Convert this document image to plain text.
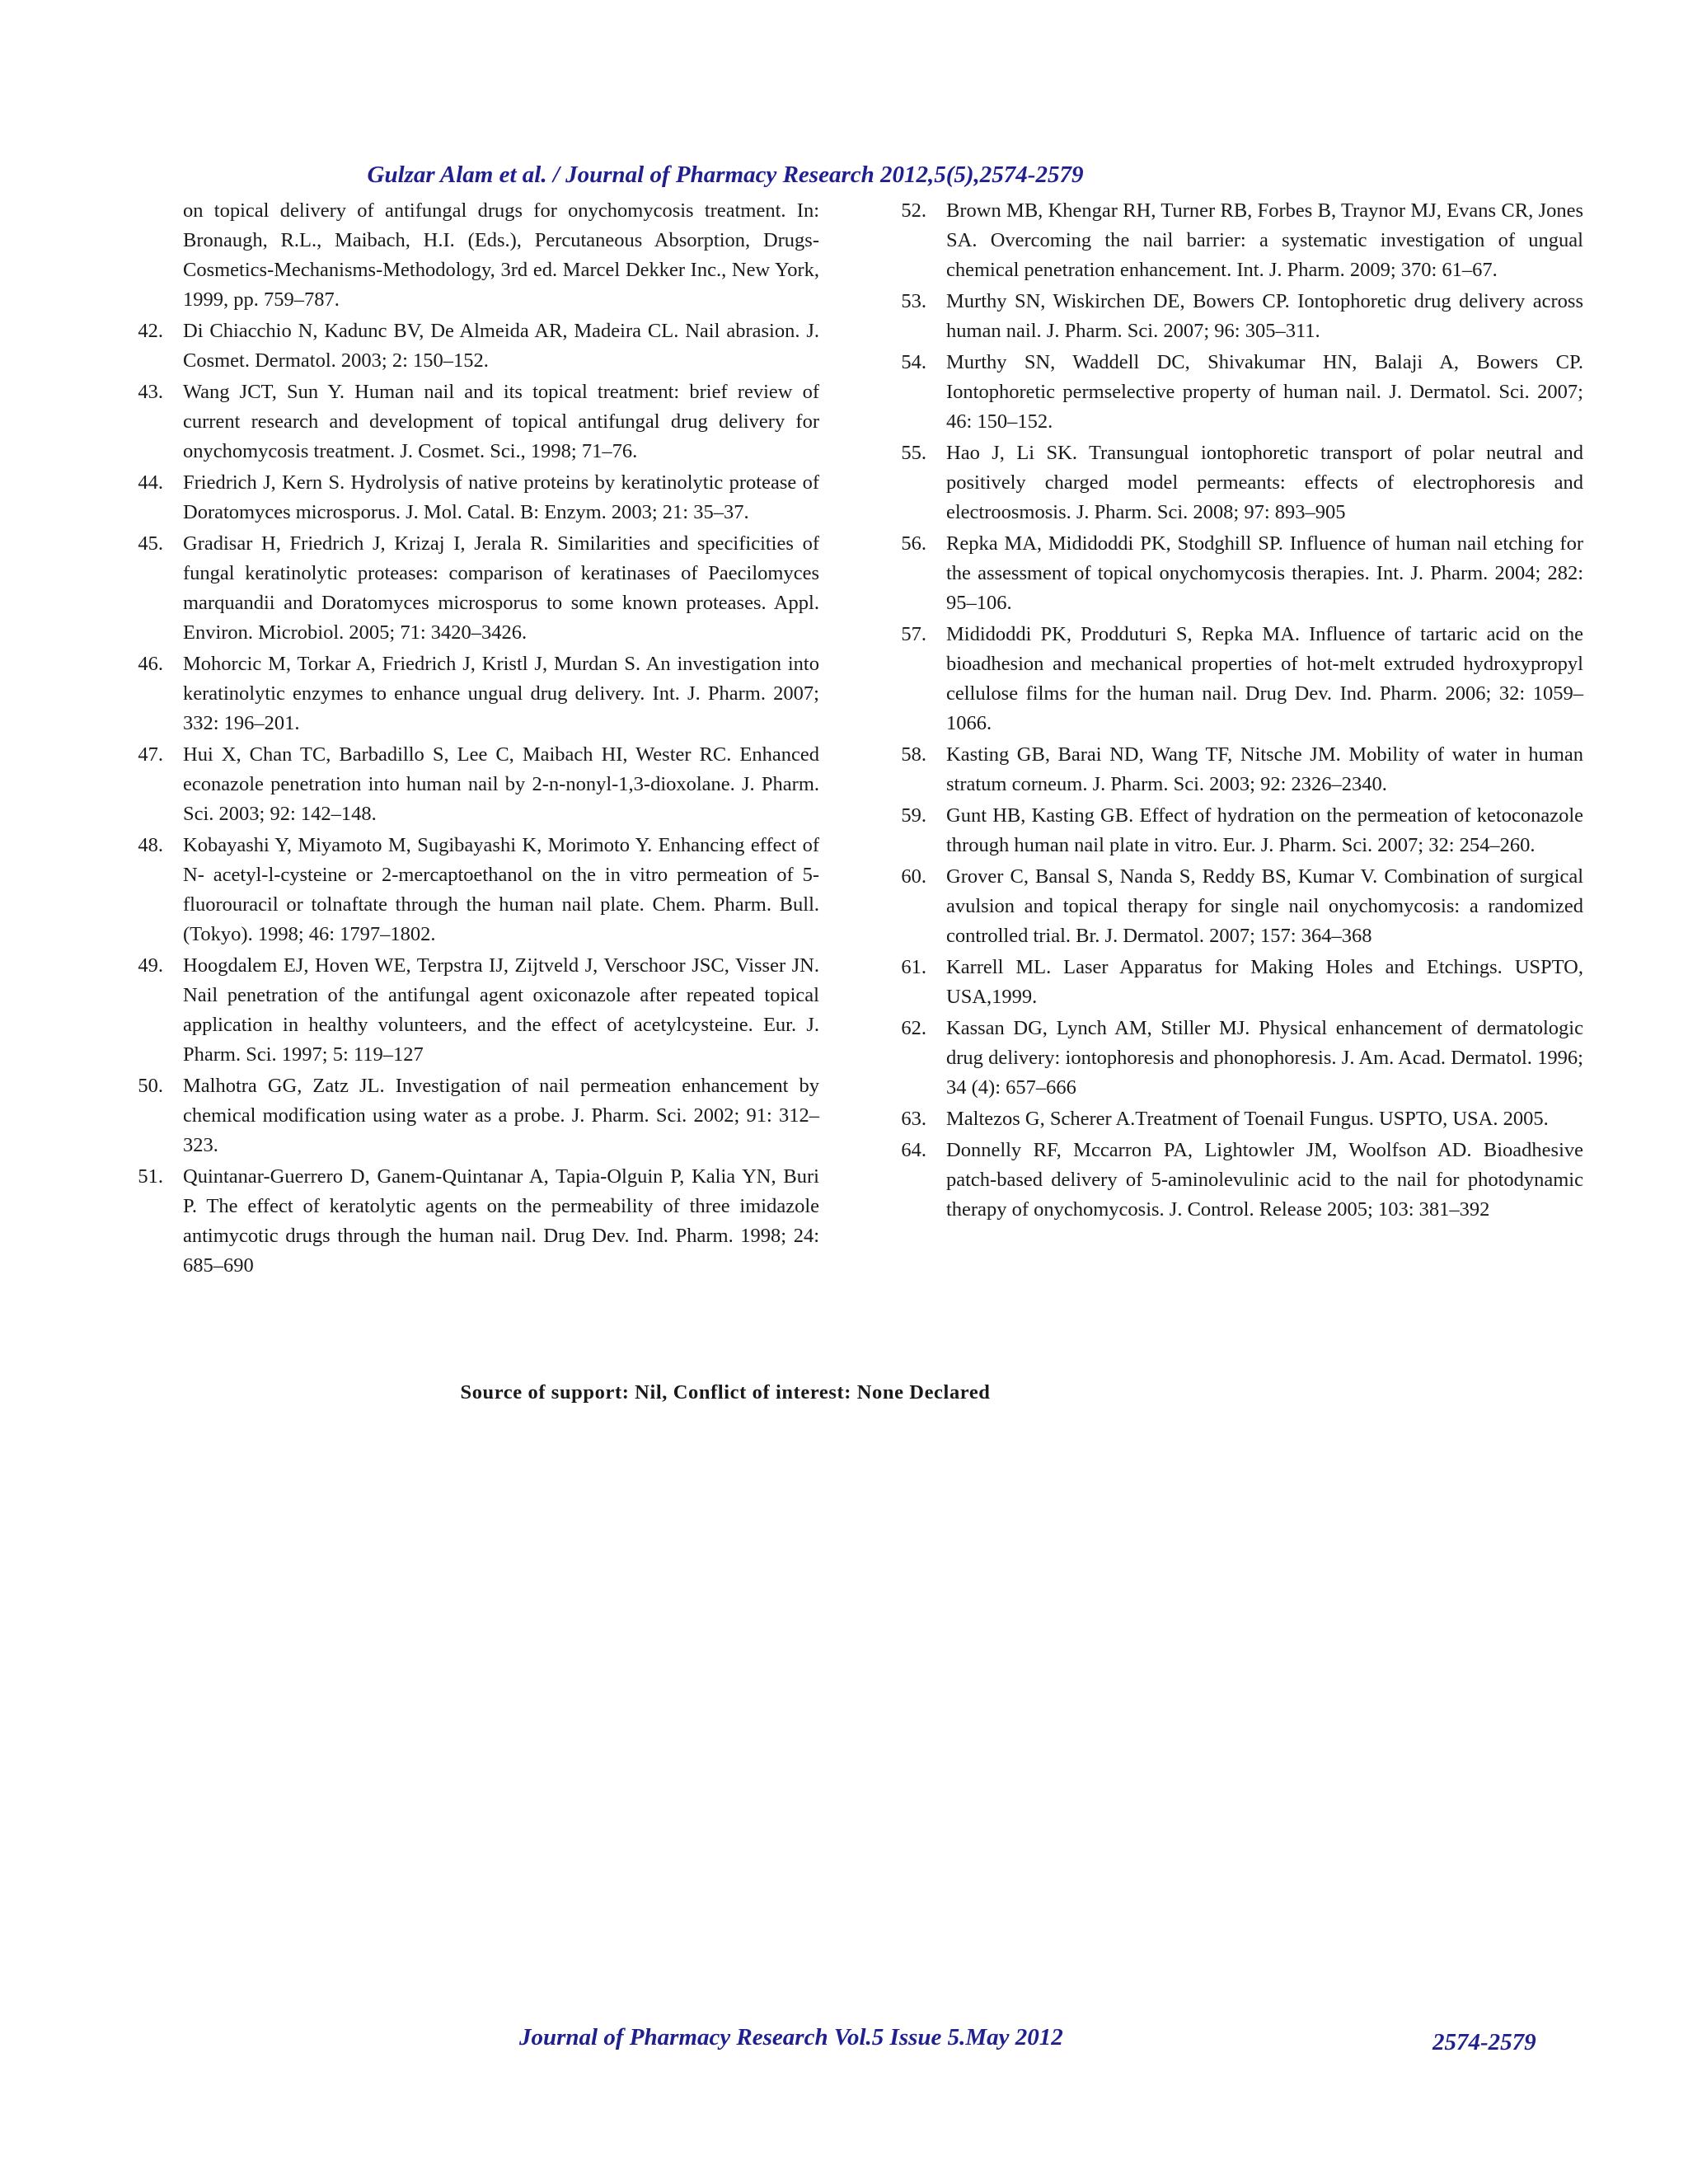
Gulzar Alam et al. / Journal of Pharmacy Research 2012,5(5),2574-2579
on topical delivery of antifungal drugs for onychomycosis treatment. In: Bronaugh, R.L., Maibach, H.I. (Eds.), Percutaneous Absorption, Drugs-Cosmetics-Mechanisms-Methodology, 3rd ed. Marcel Dekker Inc., New York, 1999, pp. 759–787.
42. Di Chiacchio N, Kadunc BV, De Almeida AR, Madeira CL. Nail abrasion. J. Cosmet. Dermatol. 2003; 2: 150–152.
43. Wang JCT, Sun Y. Human nail and its topical treatment: brief review of current research and development of topical antifungal drug delivery for onychomycosis treatment. J. Cosmet. Sci., 1998; 71–76.
44. Friedrich J, Kern S. Hydrolysis of native proteins by keratinolytic protease of Doratomyces microsporus. J. Mol. Catal. B: Enzym. 2003; 21: 35–37.
45. Gradisar H, Friedrich J, Krizaj I, Jerala R. Similarities and specificities of fungal keratinolytic proteases: comparison of keratinases of Paecilomyces marquandii and Doratomyces microsporus to some known proteases. Appl. Environ. Microbiol. 2005; 71: 3420–3426.
46. Mohorcic M, Torkar A, Friedrich J, Kristl J, Murdan S. An investigation into keratinolytic enzymes to enhance ungual drug delivery. Int. J. Pharm. 2007; 332: 196–201.
47. Hui X, Chan TC, Barbadillo S, Lee C, Maibach HI, Wester RC. Enhanced econazole penetration into human nail by 2-n-nonyl-1,3-dioxolane. J. Pharm. Sci. 2003; 92: 142–148.
48. Kobayashi Y, Miyamoto M, Sugibayashi K, Morimoto Y. Enhancing effect of N- acetyl-l-cysteine or 2-mercaptoethanol on the in vitro permeation of 5-fluorouracil or tolnaftate through the human nail plate. Chem. Pharm. Bull. (Tokyo). 1998; 46: 1797–1802.
49. Hoogdalem EJ, Hoven WE, Terpstra IJ, Zijtveld J, Verschoor JSC, Visser JN. Nail penetration of the antifungal agent oxiconazole after repeated topical application in healthy volunteers, and the effect of acetylcysteine. Eur. J. Pharm. Sci. 1997; 5: 119–127
50. Malhotra GG, Zatz JL. Investigation of nail permeation enhancement by chemical modification using water as a probe. J. Pharm. Sci. 2002; 91: 312–323.
51. Quintanar-Guerrero D, Ganem-Quintanar A, Tapia-Olguin P, Kalia YN, Buri P. The effect of keratolytic agents on the permeability of three imidazole antimycotic drugs through the human nail. Drug Dev. Ind. Pharm. 1998; 24: 685–690
52. Brown MB, Khengar RH, Turner RB, Forbes B, Traynor MJ, Evans CR, Jones SA. Overcoming the nail barrier: a systematic investigation of ungual chemical penetration enhancement. Int. J. Pharm. 2009; 370: 61–67.
53. Murthy SN, Wiskirchen DE, Bowers CP. Iontophoretic drug delivery across human nail. J. Pharm. Sci. 2007; 96: 305–311.
54. Murthy SN, Waddell DC, Shivakumar HN, Balaji A, Bowers CP. Iontophoretic permselective property of human nail. J. Dermatol. Sci. 2007; 46: 150–152.
55. Hao J, Li SK. Transungual iontophoretic transport of polar neutral and positively charged model permeants: effects of electrophoresis and electroosmosis. J. Pharm. Sci. 2008; 97: 893–905
56. Repka MA, Mididoddi PK, Stodghill SP. Influence of human nail etching for the assessment of topical onychomycosis therapies. Int. J. Pharm. 2004; 282: 95–106.
57. Mididoddi PK, Prodduturi S, Repka MA. Influence of tartaric acid on the bioadhesion and mechanical properties of hot-melt extruded hydroxypropyl cellulose films for the human nail. Drug Dev. Ind. Pharm. 2006; 32: 1059–1066.
58. Kasting GB, Barai ND, Wang TF, Nitsche JM. Mobility of water in human stratum corneum. J. Pharm. Sci. 2003; 92: 2326–2340.
59. Gunt HB, Kasting GB. Effect of hydration on the permeation of ketoconazole through human nail plate in vitro. Eur. J. Pharm. Sci. 2007; 32: 254–260.
60. Grover C, Bansal S, Nanda S, Reddy BS, Kumar V. Combination of surgical avulsion and topical therapy for single nail onychomycosis: a randomized controlled trial. Br. J. Dermatol. 2007; 157: 364–368
61. Karrell ML. Laser Apparatus for Making Holes and Etchings. USPTO, USA,1999.
62. Kassan DG, Lynch AM, Stiller MJ. Physical enhancement of dermatologic drug delivery: iontophoresis and phonophoresis. J. Am. Acad. Dermatol. 1996; 34 (4): 657–666
63. Maltezos G, Scherer A.Treatment of Toenail Fungus. USPTO, USA. 2005.
64. Donnelly RF, Mccarron PA, Lightowler JM, Woolfson AD. Bioadhesive patch-based delivery of 5-aminolevulinic acid to the nail for photodynamic therapy of onychomycosis. J. Control. Release 2005; 103: 381–392
Source of support: Nil, Conflict of interest: None Declared
Journal of Pharmacy Research Vol.5 Issue 5.May 2012	2574-2579
